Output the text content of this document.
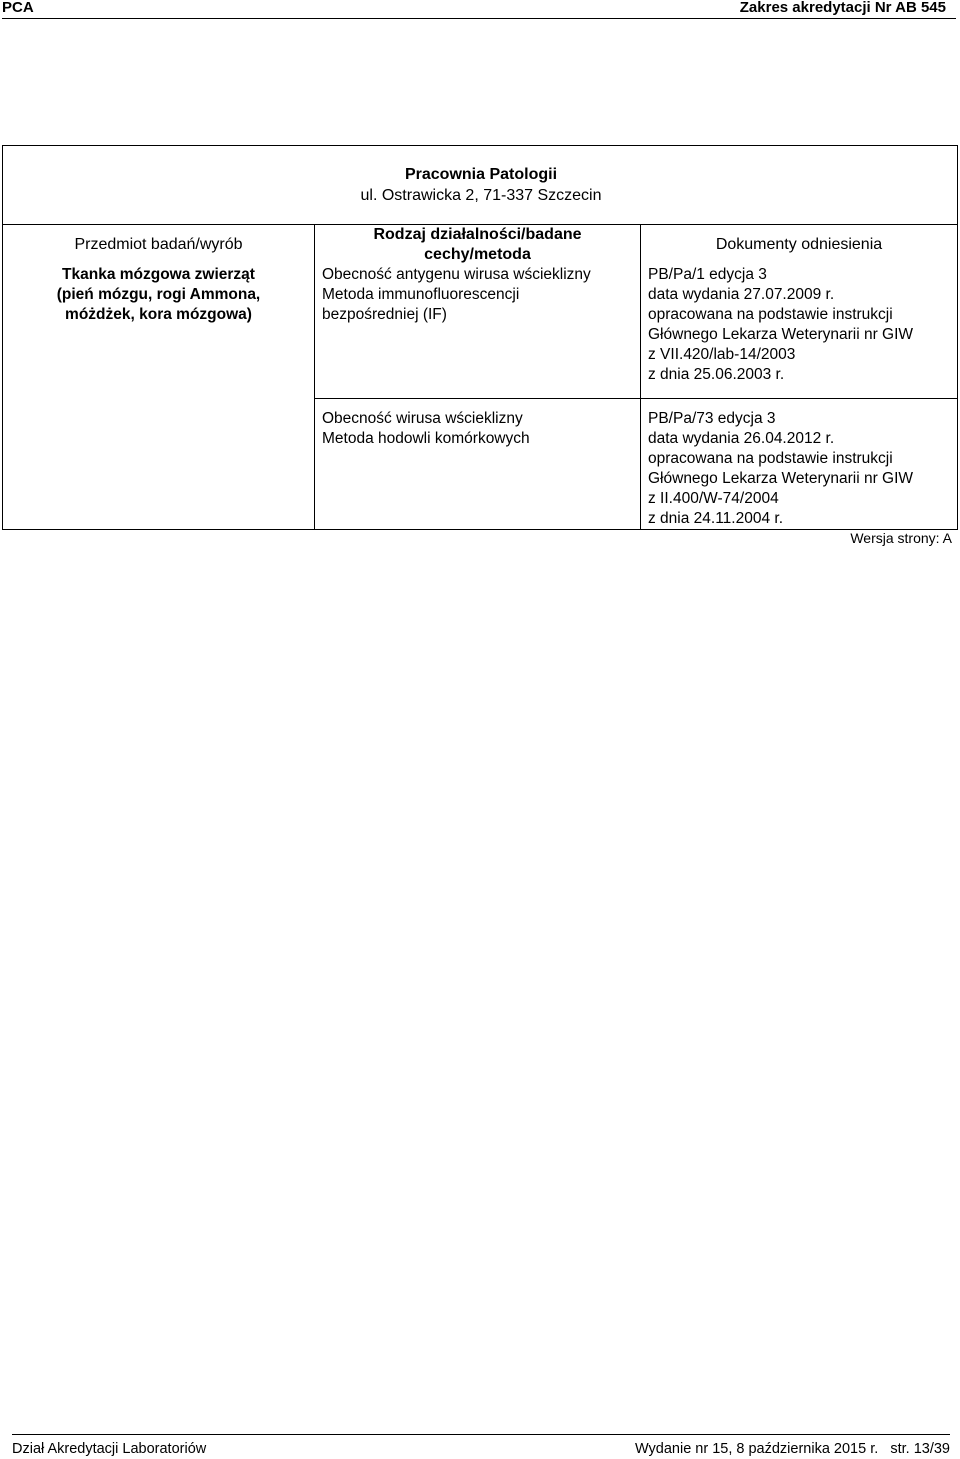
PCA	Zakres akredytacji Nr AB 545
Pracownia Patologii
ul. Ostrawicka 2, 71-337 Szczecin
Przedmiot badań/wyrób
Rodzaj działalności/badane
cechy/metoda
Dokumenty odniesienia
Tkanka mózgowa zwierząt
(pień mózgu, rogi Ammona,
móżdżek, kora mózgowa)
Obecność antygenu wirusa wścieklizny
Metoda immunofluorescencji
bezpośredniej (IF)
PB/Pa/1 edycja 3
data wydania 27.07.2009 r.
opracowana na podstawie instrukcji
Głównego Lekarza Weterynarii nr GIW
z VII.420/lab-14/2003
z dnia 25.06.2003 r.
Obecność wirusa wścieklizny
Metoda hodowli komórkowych
PB/Pa/73 edycja 3
data wydania 26.04.2012 r.
opracowana na podstawie instrukcji
Głównego Lekarza Weterynarii nr GIW
z II.400/W-74/2004
z dnia 24.11.2004 r.
Wersja strony: A
Dział Akredytacji Laboratoriów	Wydanie nr 15, 8 października 2015 r.   str. 13/39
